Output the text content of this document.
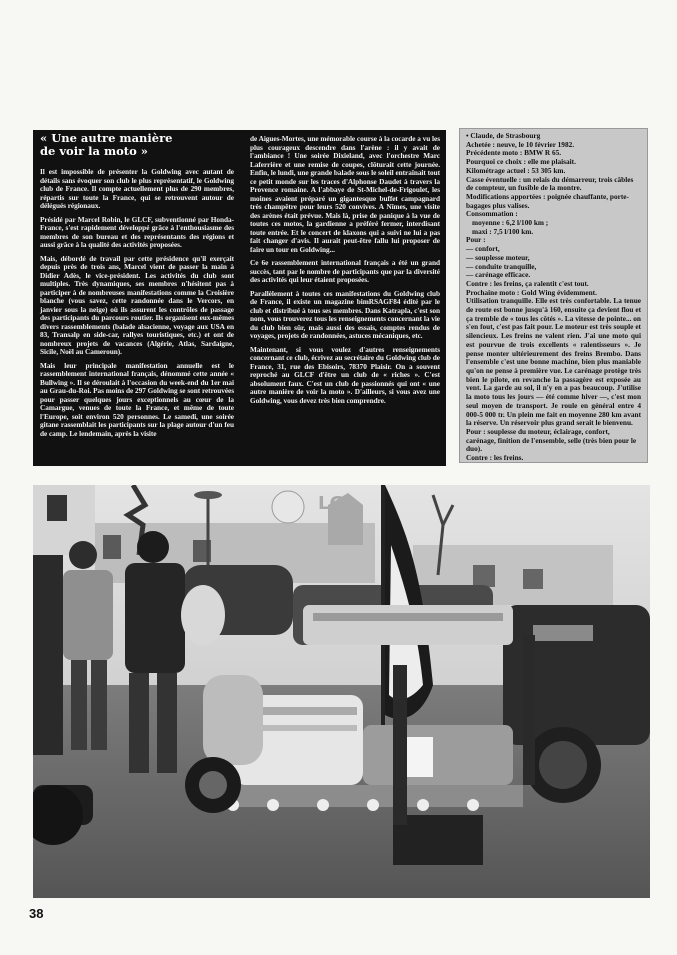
« Une autre manière
de voir la moto »

Il est impossible de présenter la Goldwing avec autant de détails sans évoquer son club le plus représentatif, le Goldwing club de France. Il compte actuellement plus de 290 membres, répartis sur toute la France, qui se retrouvent autour de délégués régionaux.

Présidé par Marcel Robin, le GLCF, subventionné par Honda-France, s'est rapidement développé grâce à l'enthousiasme des membres de son bureau et des représentants des régions et aussi grâce à la qualité des activités proposées.

Mais, débordé de travail par cette présidence qu'il exerçait depuis près de trois ans, Marcel vient de passer la main à Didier Adès, le vice-président. Les activités du club sont multiples. Très dynamiques, ses membres n'hésitent pas à participer à de nombreuses manifestations comme la Croisière blanche (vous savez, cette randonnée dans le Vercors, en janvier sous la neige) où ils assurent les contrôles de passage des participants du parcours routier. Ils organisent eux-mêmes divers rassemblements (balade alsacienne, voyage aux USA en 83, Transalp en side-car, rallyes touristiques, etc.) et ont de nombreux projets de vacances (Algérie, Atlas, Sardaigne, Sicile, Noël au Cameroun).

Mais leur principale manifestation annuelle est le rassemblement international français, dénommé cette année « Bullwing ». Il se déroulait à l'occasion du week-end du 1er mai au Grau-du-Roi. Pas moins de 297 Goldwing se sont retrouvées pour passer quelques jours exceptionnels au cœur de la Camargue, venues de toute la France, et même de toute l'Europe, soit environ 520 personnes. Le samedi, une soirée gitane rassemblait les participants sur la plage autour d'un feu de camp. Le lendemain, après la visite

de Aigues-Mortes, une mémorable course à la cocarde a vu les plus courageux descendre dans l'arène : il y avait de l'ambiance ! Une soirée Dixieland, avec l'orchestre Marc Laferrière et une remise de coupes, clôturait cette journée. Enfin, le lundi, une grande balade sous le soleil entraînait tout ce petit monde sur les traces d'Alphonse Daudet à travers la Provence romaine. A l'abbaye de St-Michel-de-Frigoulet, les moines avaient préparé un gigantesque buffet campagnard très champêtre pour leurs 520 convives. A Nîmes, une visite des arènes était prévue. Mais là, prise de panique à la vue de toutes ces motos, la gardienne a préféré fermer, interdisant toute entrée. Et le concert de klaxons qui a suivi ne lui a pas fait changer d'avis. Il aurait peut-être fallu lui proposer de faire un tour en Goldwing...

Ce 6e rassemblement international français a été un grand succès, tant par le nombre de participants que par la diversité des activités qui leur étaient proposées.

Parallèlement à toutes ces manifestations du Goldwing club de France, il existe un magazine bimRSAGF84 édité par le club et distribué à tous ses membres. Dans Katrapla, c'est son nom, vous trouverez tous les renseignements concernant la vie du club bien sûr, mais aussi des essais, comptes rendus de voyages, projets de randonnées, astuces mécaniques, etc.

Maintenant, si vous voulez d'autres renseignements concernant ce club, écrivez au secrétaire du Goldwing club de France, 31, rue des Ebisoirs, 78370 Plaisir. On a souvent reproché au GLCF d'être un club de « riches ». C'est absolument faux. C'est un club de passionnés qui ont « une autre manière de voir la moto ». D'ailleurs, si vous avez une Goldwing, vous devez très bien comprendre.

• Claude, de Strasbourg
Achetée : neuve, le 10 février 1982.
Précédente moto : BMW R 65.
Pourquoi ce choix : elle me plaisait.
Kilométrage actuel : 53 305 km.
Casse éventuelle : un relais du démarreur, trois câbles de compteur, un fusible de la montre.
Modifications apportées : poignée chauffante, porte-bagages plus valises.
Consommation :
moyenne : 6,2 l/100 km ;
maxi : 7,5 l/100 km.
Pour :
— confort,
— souplesse moteur,
— conduite tranquille,
— carénage efficace.
Contre : les freins, ça ralentit c'est tout.
Prochaine moto : Gold Wing évidemment.
Utilisation tranquille. Elle est très confortable. La tenue de route est bonne jusqu'à 160, ensuite ça devient flou et ça tremble de « tous les côtés ». La vitesse de pointe... on s'en fout, c'est pas fait pour. Le moteur est très souple et silencieux. Les freins ne valent rien. J'ai une moto qui est pourvue de trois excellents « ralentisseurs ». Je pense monter ultérieurement des freins Brembo. Dans l'ensemble c'est une bonne machine, bien plus maniable qu'on ne pense à première vue. Le carénage protège très bien le pilote, en revanche la passagère est exposée au vent. La garde au sol, il n'y en a pas beaucoup. J'utilise la moto tous les jours — été comme hiver —, c'est mon seul moyen de transport. Je roule en général entre 4 000-5 000 tr. Un plein me fait en moyenne 280 km avant la réserve. Un réservoir plus grand serait le bienvenu.
Pour : souplesse du moteur, éclairage, confort, carénage, finition de l'ensemble, selle (très bien pour le duo).
Contre : les freins.
LG
38
